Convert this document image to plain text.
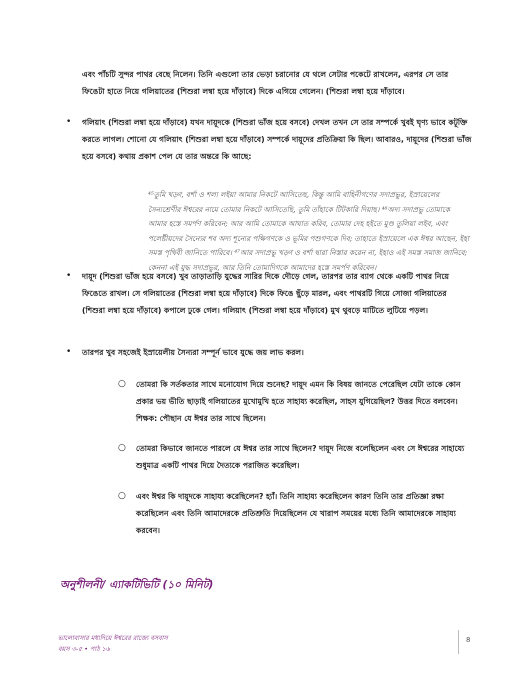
এবং পাঁচটি সুন্দর পাথর বেছে নিলেন। তিনি এগুলো তার ভেড়া চরানোর যে থলে সেটার পকেটে রাখলেন, এরপর সে তার ফিঙেটা হাতে নিয়ে গলিয়াতের (শিশুরা লম্বা হয়ে দাঁড়াবে) দিকে এগিয়ে গেলেন। (শিশুরা লম্বা হয়ে দাঁড়াবে।
• গলিয়াৎ (শিশুরা লম্বা হয়ে দাঁড়াবে) যখন দায়ূদকে (শিশুরা ভাঁজ হয়ে বসবে) দেখল তখন সে তার সম্পর্কে খুবই ঘৃণ্য ভাবে কটূক্তি করতে লাগল। শোনো যে গলিয়াৎ (শিশুরা লম্বা হয়ে দাঁড়াবে) সম্পর্কে দায়ূদের প্রতিক্রিয়া কি ছিল। আবারও, দায়ূদের (শিশুরা ভাঁজ হয়ে বসবে) কথায় প্রকাশ পেল যে তার অন্তরে কি আছে:
⁴⁵তুমি খড়্গ, বর্শা ও শল্য লইয়া আমার নিকটে আসিতেছ, কিন্তু আমি বাহিনীগণের সদাপ্রভুর, ইস্রায়েলের সৈন্যশ্রেণীর ঈশ্বরের নামে তোমার নিকটে আসিতেছি, তুমি তাঁহাকে টিটকারি দিয়াছ। ⁴⁶অদ্য সদাপ্রভু তোমাকে আমার হস্তে সমর্পণ করিবেন; আর আমি তোমাকে আঘাত করিব, তোমার দেহ হইতে মুণ্ড তুলিয়া লইব, এবং পলেষ্টীয়দের সৈন্যের শব অদ্য শূন্যের পক্ষিগণকে ও ভূমির পশুগণকে দিব; তাহাতে ইস্রায়েলে এক ঈশ্বর আছেন, ইহা সমস্ত পৃথিবী জানিতে পারিবে। ⁴⁷আর সদাপ্রভু খড়্গ ও বর্শা দ্বারা নিস্তার করেন না, ইহাও এই সমস্ত সমাজ জানিবে; কেননা এই যুদ্ধ সদাপ্রভুর, আর তিনি তোমাদিগকে আমাদের হস্তে সমর্পণ করিবেন।
• দায়ূদ (শিশুরা ভাঁজ হয়ে বসবে) খুব তাড়াতাড়ি যুদ্ধের সারির দিকে দৌড়ে গেল, তারপর তার ব্যাগ থেকে একটি পাথর নিয়ে ফিঙেতে রাখল। সে গলিয়াতের (শিশুরা লম্বা হয়ে দাঁড়াবে) দিকে ফিঙে ছুঁড়ে মারল, এবং পাথরটি গিয়ে সোজা গলিয়াতের (শিশুরা লম্বা হয়ে দাঁড়াবে) কপালে ঢুকে গেল। গলিয়াৎ (শিশুরা লম্বা হয়ে দাঁড়াবে) মুখ থুবড়ে মাটিতে লুটিয়ে পড়ল।
• তারপর খুব সহজেই ইস্রায়েলীয় সৈন্যরা সম্পূর্ন ভাবে যুদ্ধে জয় লাভ করল।
○ তোমরা কি সর্তকতার সাথে মনোযোগ দিয়ে শুনেছ? দায়ূদ এমন কি বিষয় জানতে পেরেছিল যেটা তাকে কোন প্রকার ভয় ভীতি ছাড়াই গলিয়াতের মুখোমুখি হতে সাহায্য করেছিল, সাহস যুগিয়েছিল? উত্তর দিতে বলবেন। শিক্ষক: পৌছান যে ঈশ্বর তার সাথে ছিলেন।
○ তোমরা কিভাবে জানতে পারলে যে ঈশ্বর তার সাথে ছিলেন? দায়ূদ নিজে বলেছিলেন এবং সে ঈশ্বরের সাহায্যে শুধুমাত্র একটি পাথর দিয়ে দৈত্যকে পরাজিত করেছিল।
○ এবং ঈশ্বর কি দায়ূদকে সাহায্য করেছিলেন? হ্যাঁ। তিনি সাহায্য করেছিলেন কারণ তিনি তার প্রতিজ্ঞা রক্ষা করেছিলেন এবং তিনি আমাদেরকে প্রতিশ্রুতি দিয়েছিলেন যে খারাপ সময়ের মধ্যে তিনি আমাদেরকে সাহায্য করবেন।
অনুশীলনী/ এ্যাকটিভিটি (১০ মিনিট)
ভালোবাসার মধ্যদিয়ে ঈশ্বরের রাজ্যে বসবাস
বয়স ৩-৫ • পাঠ ১৬
8
